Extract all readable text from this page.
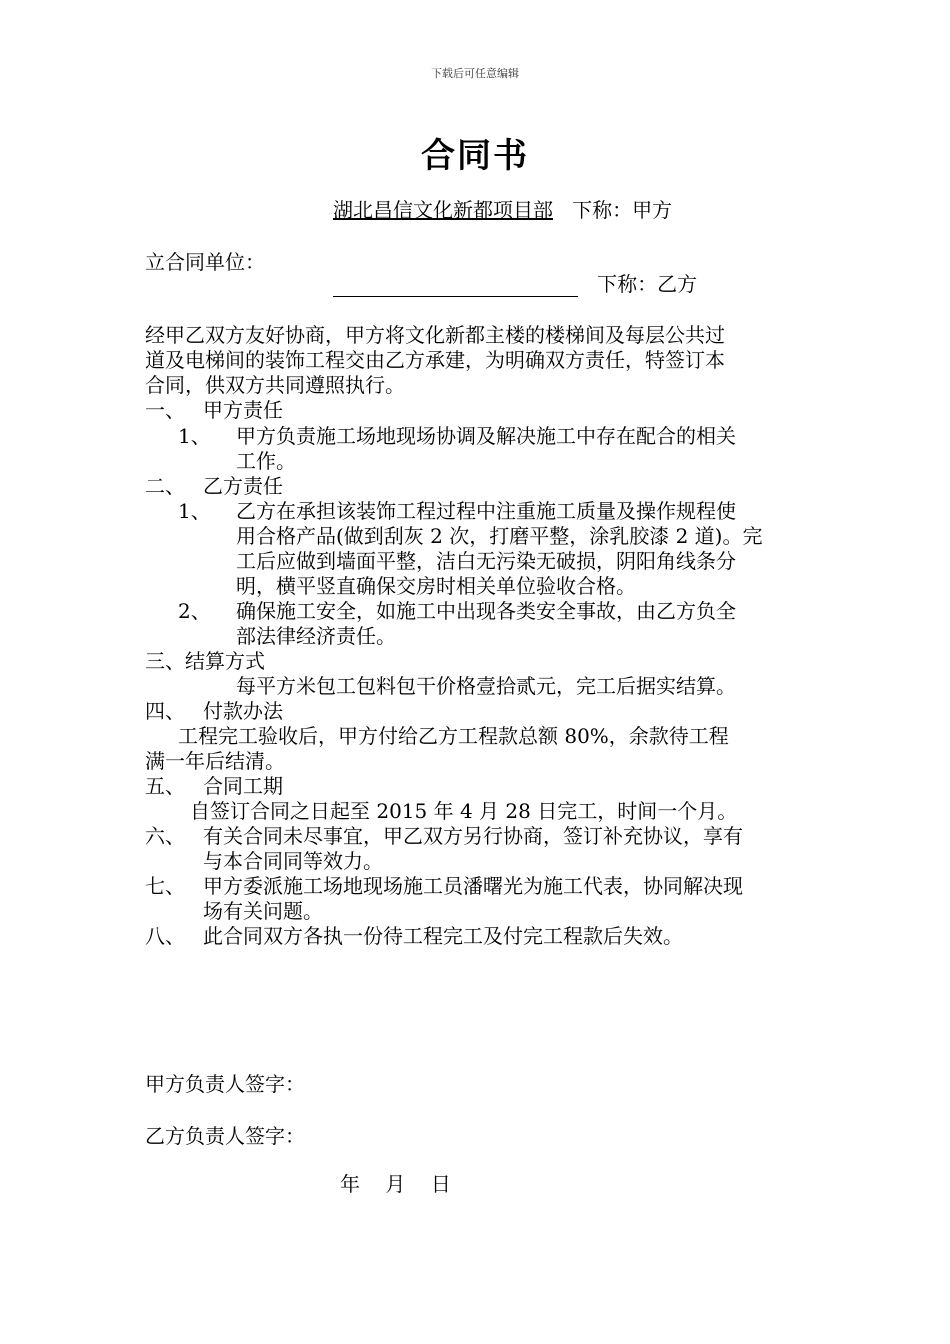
下载后可任意编辑
合同书
湖北昌信文化新都项目部 下称：甲方
立合同单位：
下称：乙方
经甲乙双方友好协商，甲方将文化新都主楼的楼梯间及每层公共过
道及电梯间的装饰工程交由乙方承建，为明确双方责任，特签订本
合同，供双方共同遵照执行。
一、 甲方责任
1、 甲方负责施工场地现场协调及解决施工中存在配合的相关
工作。
二、 乙方责任
1、 乙方在承担该装饰工程过程中注重施工质量及操作规程使
用合格产品(做到刮灰 2 次，打磨平整，涂乳胶漆 2 道)。完
工后应做到墙面平整，洁白无污染无破损，阴阳角线条分
明，横平竖直确保交房时相关单位验收合格。
2、 确保施工安全，如施工中出现各类安全事故，由乙方负全
部法律经济责任。
三、结算方式
每平方米包工包料包干价格壹拾贰元，完工后据实结算。
四、 付款办法
工程完工验收后，甲方付给乙方工程款总额 80%，余款待工程
满一年后结清。
五、 合同工期
自签订合同之日起至 2015 年 4 月 28 日完工，时间一个月。
六、 有关合同未尽事宜，甲乙双方另行协商，签订补充协议，享有
与本合同同等效力。
七、 甲方委派施工场地现场施工员潘曙光为施工代表，协同解决现
场有关问题。
八、 此合同双方各执一份待工程完工及付完工程款后失效。
甲方负责人签字：
乙方负责人签字：
年    月    日
